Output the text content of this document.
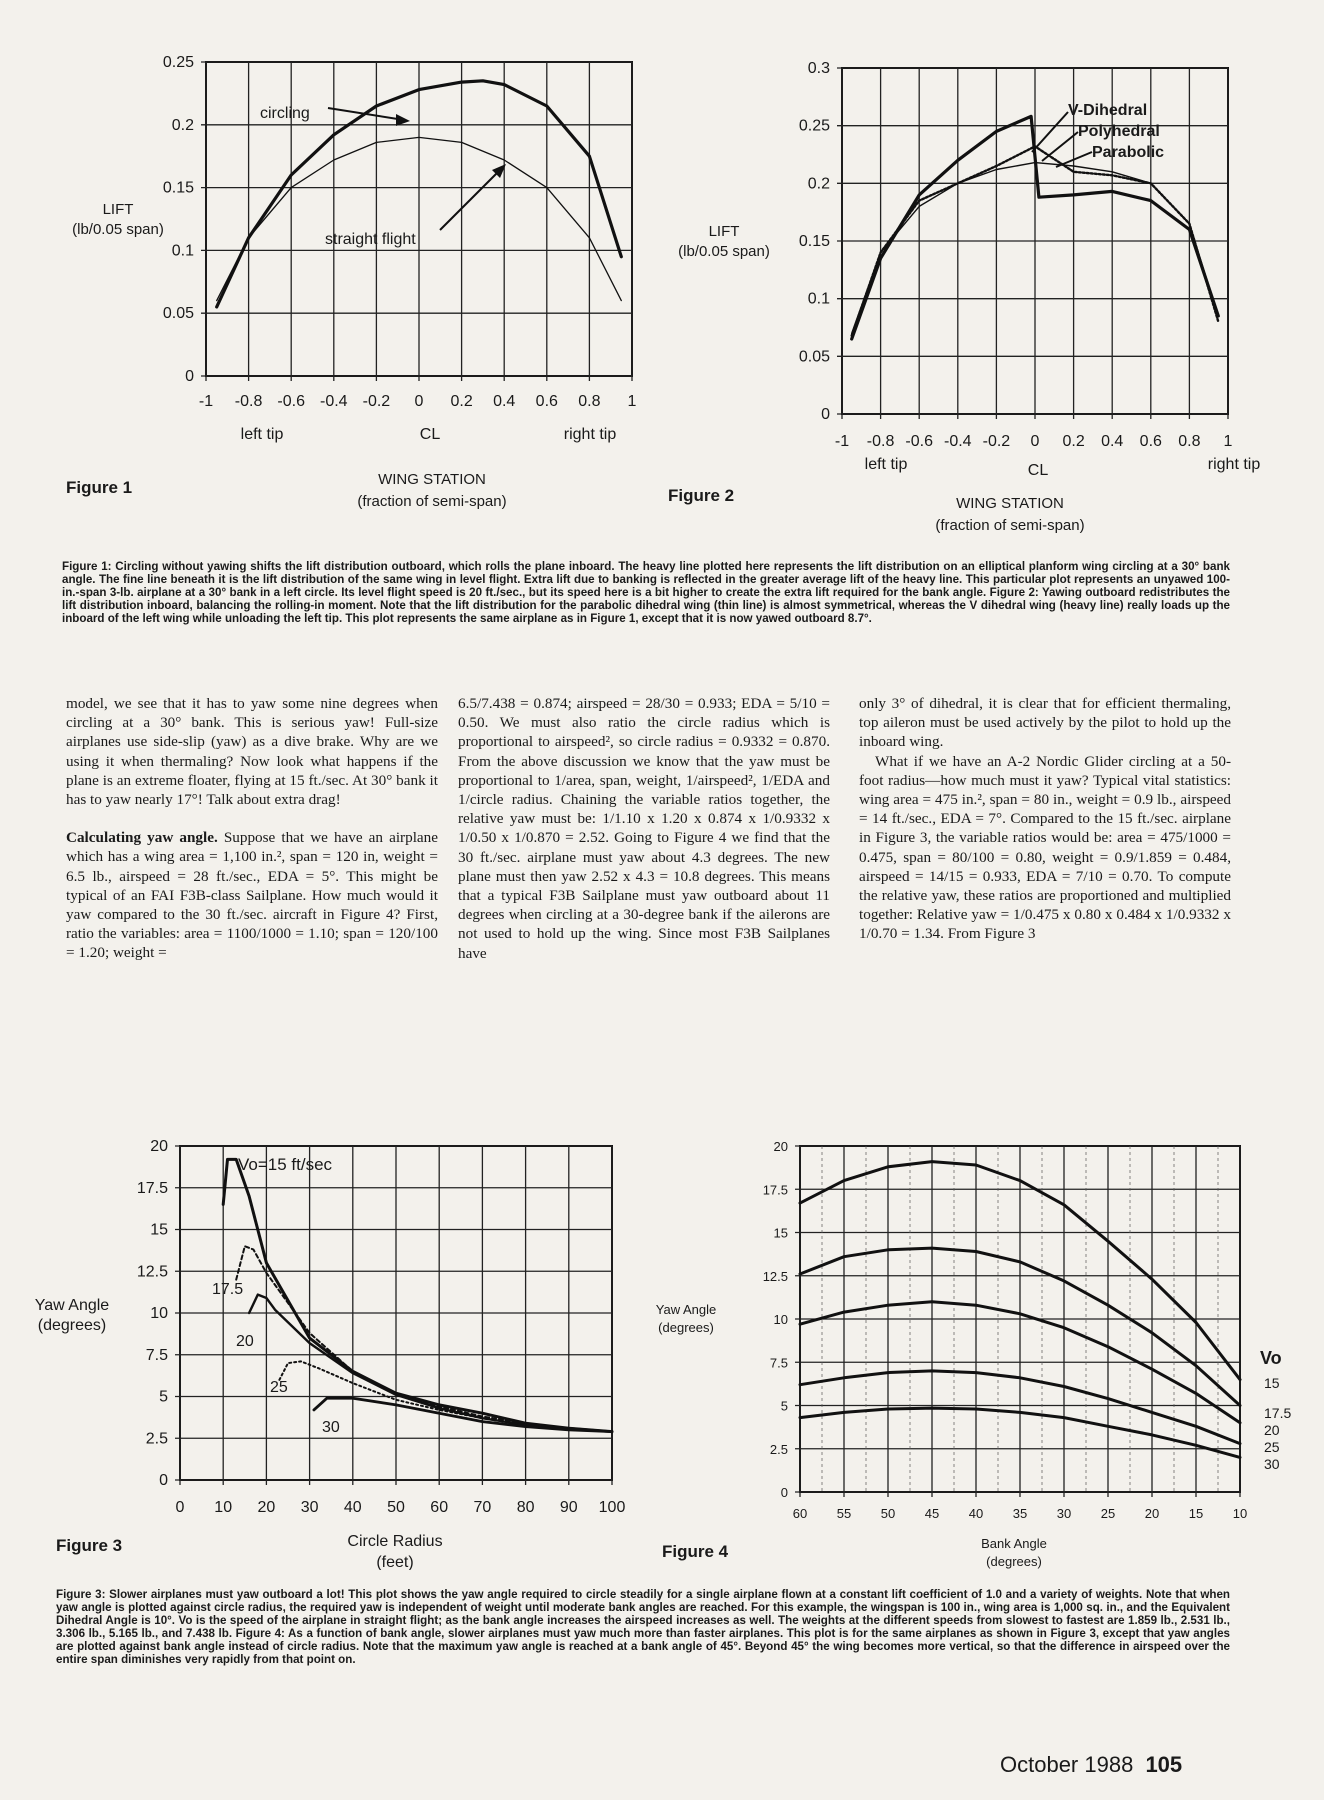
0.25
0.2
0.15
0.1
0.05
0
-1 -0.8 -0.6 -0.4 -0.2 0 0.2 0.4 0.6 0.8 1
LIFT
(lb/0.05 span)
left tip	CL	right tip
WING STATION
(fraction of semi-span)
circling
straight flight
Figure 1
0.3
0.25
0.2
0.15
0.1
0.05
0
-1 -0.8 -0.6 -0.4 -0.2 0 0.2 0.4 0.6 0.8 1
LIFT
(lb/0.05 span)
left tip	CL	right tip
WING STATION
(fraction of semi-span)
V-Dihedral
Polyhedral
Parabolic
Figure 2
Figure 1: Circling without yawing shifts the lift distribution outboard, which rolls the plane inboard. The heavy line plotted here represents the lift distribution on an elliptical planform wing circling at a 30° bank angle. The fine line beneath it is the lift distribution of the same wing in level flight. Extra lift due to banking is reflected in the greater average lift of the heavy line. This particular plot represents an unyawed 100-in.-span 3-lb. airplane at a 30° bank in a left circle. Its level flight speed is 20 ft./sec., but its speed here is a bit higher to create the extra lift required for the bank angle. Figure 2: Yawing outboard redistributes the lift distribution inboard, balancing the rolling-in moment. Note that the lift distribution for the parabolic dihedral wing (thin line) is almost symmetrical, whereas the V dihedral wing (heavy line) really loads up the inboard of the left wing while unloading the left tip. This plot represents the same airplane as in Figure 1, except that it is now yawed outboard 8.7°.

model, we see that it has to yaw some nine degrees when circling at a 30° bank. This is serious yaw! Full-size airplanes use side-slip (yaw) as a dive brake. Why are we using it when thermaling? Now look what happens if the plane is an extreme floater, flying at 15 ft./sec. At 30° bank it has to yaw nearly 17°! Talk about extra drag!

Calculating yaw angle. Suppose that we have an airplane which has a wing area = 1,100 in.², span = 120 in, weight = 6.5 lb., airspeed = 28 ft./sec., EDA = 5°. This might be typical of an FAI F3B-class Sailplane. How much would it yaw compared to the 30 ft./sec. aircraft in Figure 4? First, ratio the variables: area = 1100/1000 = 1.10; span = 120/100 = 1.20; weight =

6.5/7.438 = 0.874; airspeed = 28/30 = 0.933; EDA = 5/10 = 0.50. We must also ratio the circle radius which is proportional to airspeed², so circle radius = 0.9332 = 0.870. From the above discussion we know that the yaw must be proportional to 1/area, span, weight, 1/airspeed², 1/EDA and 1/circle radius. Chaining the variable ratios together, the relative yaw must be: 1/1.10 x 1.20 x 0.874 x 1/0.9332 x 1/0.50 x 1/0.870 = 2.52. Going to Figure 4 we find that the 30 ft./sec. airplane must yaw about 4.3 degrees. The new plane must then yaw 2.52 x 4.3 = 10.8 degrees. This means that a typical F3B Sailplane must yaw outboard about 11 degrees when circling at a 30-degree bank if the ailerons are not used to hold up the wing. Since most F3B Sailplanes have

only 3° of dihedral, it is clear that for efficient thermaling, top aileron must be used actively by the pilot to hold up the inboard wing.

What if we have an A-2 Nordic Glider circling at a 50-foot radius—how much must it yaw? Typical vital statistics: wing area = 475 in.², span = 80 in., weight = 0.9 lb., airspeed = 14 ft./sec., EDA = 7°. Compared to the 15 ft./sec. airplane in Figure 3, the variable ratios would be: area = 475/1000 = 0.475, span = 80/100 = 0.80, weight = 0.9/1.859 = 0.484, airspeed = 14/15 = 0.933, EDA = 7/10 = 0.70. To compute the relative yaw, these ratios are proportioned and multiplied together: Relative yaw = 1/0.475 x 0.80 x 0.484 x 1/0.9332 x 1/0.70 = 1.34. From Figure 3

20
17.5
15
12.5
10
7.5
5
2.5
0
0 10 20 30 40 50 60 70 80 90 100
Yaw Angle
(degrees)
Circle Radius
(feet)
Vo=15 ft/sec
17.5
20
25
30
Figure 3
20
17.5
15
12.5
10
7.5
5
2.5
0
60 55 50 45 40 35 30 25 20 15 10
Yaw Angle
(degrees)
Bank Angle
(degrees)
Vo
15
17.5
20
25
30
Figure 4
Figure 3: Slower airplanes must yaw outboard a lot! This plot shows the yaw angle required to circle steadily for a single airplane flown at a constant lift coefficient of 1.0 and a variety of weights. Note that when yaw angle is plotted against circle radius, the required yaw is independent of weight until moderate bank angles are reached. For this example, the wingspan is 100 in., wing area is 1,000 sq. in., and the Equivalent Dihedral Angle is 10°. Vo is the speed of the airplane in straight flight; as the bank angle increases the airspeed increases as well. The weights at the different speeds from slowest to fastest are 1.859 lb., 2.531 lb., 3.306 lb., 5.165 lb., and 7.438 lb. Figure 4: As a function of bank angle, slower airplanes must yaw much more than faster airplanes. This plot is for the same airplanes as shown in Figure 3, except that yaw angles are plotted against bank angle instead of circle radius. Note that the maximum yaw angle is reached at a bank angle of 45°. Beyond 45° the wing becomes more vertical, so that the difference in airspeed over the entire span diminishes very rapidly from that point on.
October 1988 105
